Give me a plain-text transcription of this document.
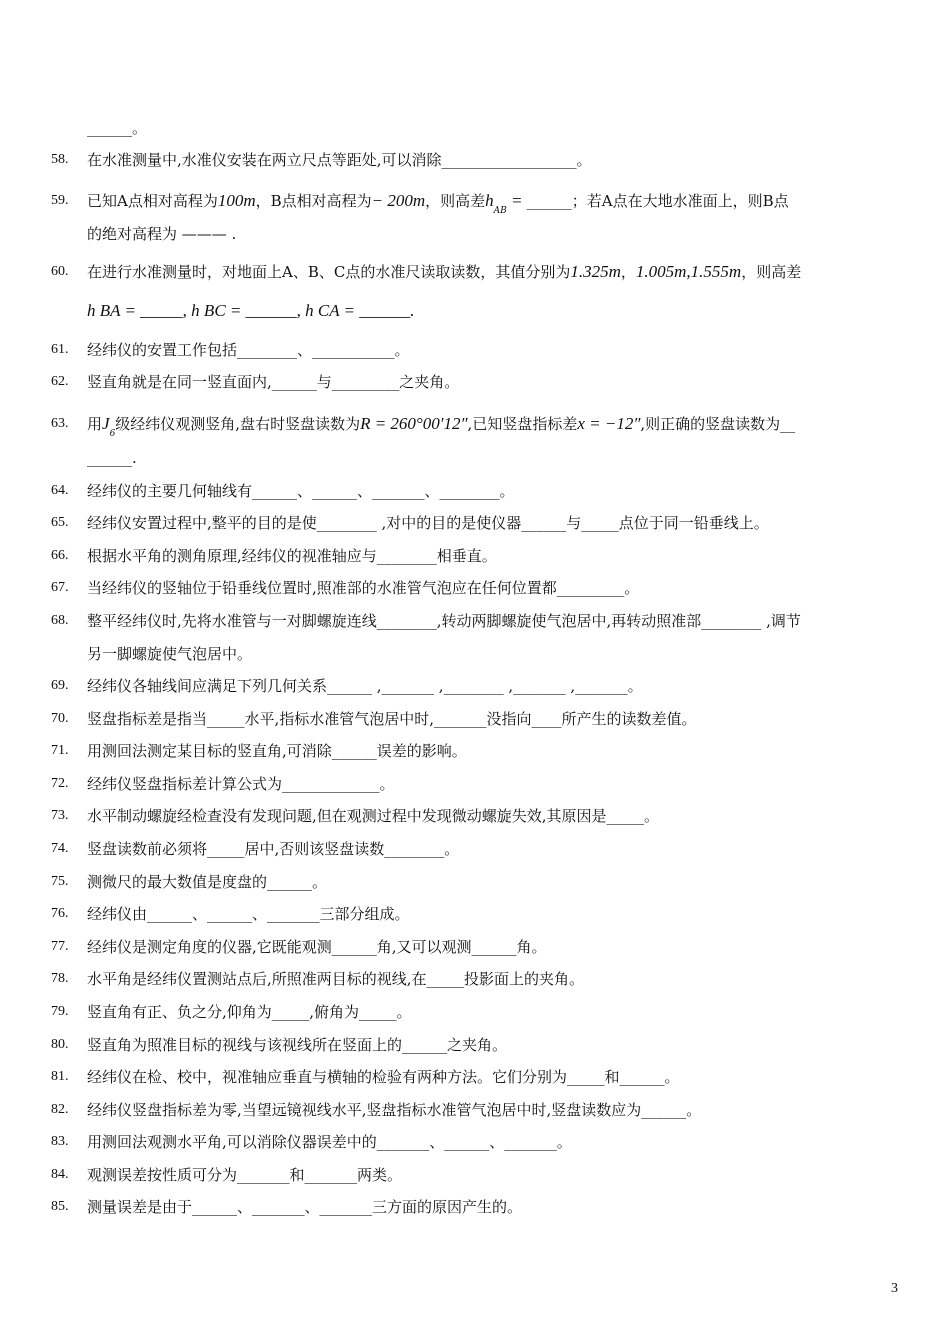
______。
58.	在水准测量中,水准仪安装在两立尺点等距处,可以消除__________________。
59.	已知A点相对高程为100m，B点相对高程为− 200m，则高差$h_{AB}$ = ______；若A点在大地水准面上，则B点
的绝对高程为 ——— .
60.	在进行水准测量时，对地面上A、B、C点的水准尺读取读数，其值分别为1.325m，1.005m,1.555m，则高差
h BA = _____, h BC = ______, h CA = ______.
61.	经纬仪的安置工作包括________、___________。
62.	竖直角就是在同一竖直面内,______与_________之夹角。
63.	用$J_6$级经纬仪观测竖角,盘右时竖盘读数为R = 260°00′12″,已知竖盘指标差x = −12″,则正确的竖盘读数为__
______.
64.	经纬仪的主要几何轴线有______、______、_______、________。
65.	经纬仪安置过程中,整平的目的是使________ ,对中的目的是使仪器______与_____点位于同一铅垂线上。
66.	根据水平角的测角原理,经纬仪的视准轴应与________相垂直。
67.	当经纬仪的竖轴位于铅垂线位置时,照准部的水准管气泡应在任何位置都_________。
68.	整平经纬仪时,先将水准管与一对脚螺旋连线________,转动两脚螺旋使气泡居中,再转动照准部________ ,调节
另一脚螺旋使气泡居中。
69.	经纬仪各轴线间应满足下列几何关系______ ,_______ ,________ ,_______ ,_______。
70.	竖盘指标差是指当_____水平,指标水准管气泡居中时,_______没指向____所产生的读数差值。
71.	用测回法测定某目标的竖直角,可消除______误差的影响。
72.	经纬仪竖盘指标差计算公式为_____________。
73.	水平制动螺旋经检查没有发现问题,但在观测过程中发现微动螺旋失效,其原因是_____。
74.	竖盘读数前必须将_____居中,否则该竖盘读数________。
75.	测微尺的最大数值是度盘的______。
76.	经纬仪由______、______、_______三部分组成。
77.	经纬仪是测定角度的仪器,它既能观测______角,又可以观测______角。
78.	水平角是经纬仪置测站点后,所照准两目标的视线,在_____投影面上的夹角。
79.	竖直角有正、负之分,仰角为_____,俯角为_____。
80.	竖直角为照准目标的视线与该视线所在竖面上的______之夹角。
81.	经纬仪在检、校中，视准轴应垂直与横轴的检验有两种方法。它们分别为_____和______。
82.	经纬仪竖盘指标差为零,当望远镜视线水平,竖盘指标水准管气泡居中时,竖盘读数应为______。
83.	用测回法观测水平角,可以消除仪器误差中的_______、______、_______。
84.	观测误差按性质可分为_______和_______两类。
85.	测量误差是由于______、_______、_______三方面的原因产生的。
3
